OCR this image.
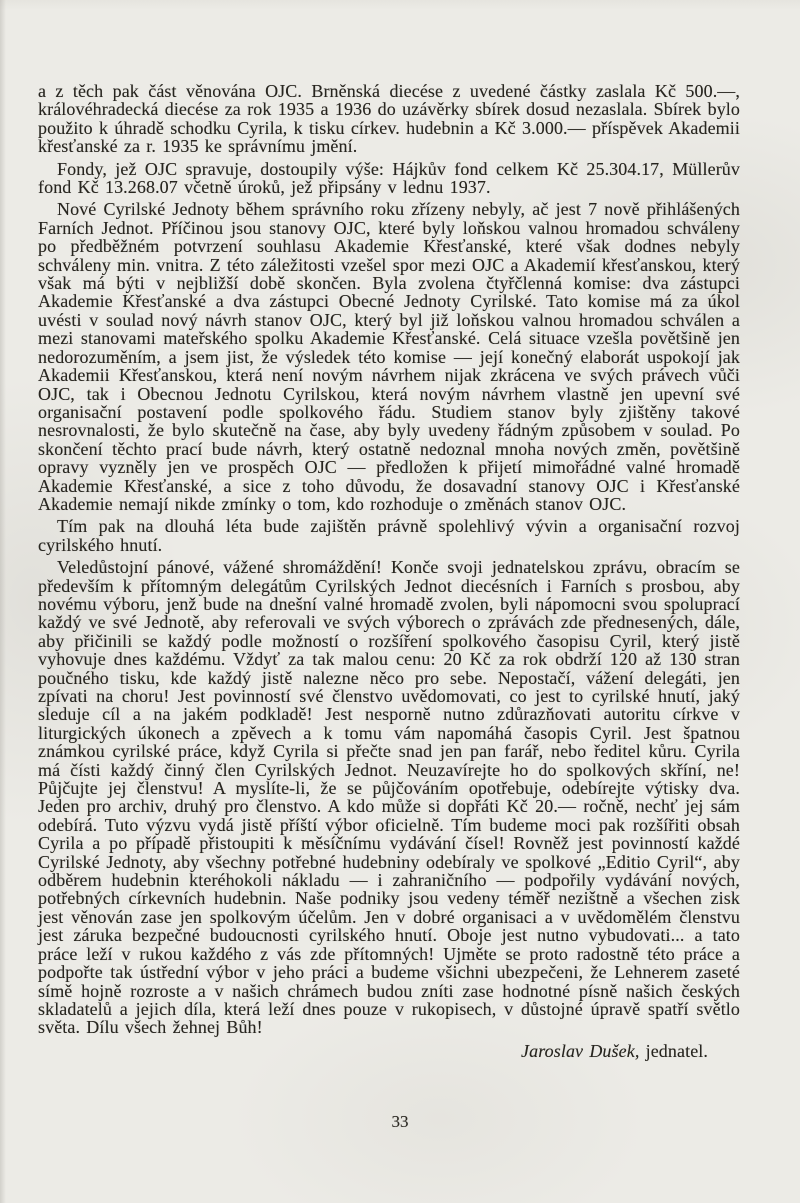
a z těch pak část věnována OJC. Brněnská diecése z uvedené částky zaslala Kč 500.—, královéhradecká diecése za rok 1935 a 1936 do uzávěrky sbírek dosud nezaslala. Sbírek bylo použito k úhradě schodku Cyrila, k tisku církev. hudebnin a Kč 3.000.— příspěvek Akademii křesťanské za r. 1935 ke správnímu jmění.

Fondy, jež OJC spravuje, dostoupily výše: Hájkův fond celkem Kč 25.304.17, Müllerův fond Kč 13.268.07 včetně úroků, jež připsány v lednu 1937.

Nové Cyrilské Jednoty během správního roku zřízeny nebyly, ač jest 7 nově přihlášených Farních Jednot. Příčinou jsou stanovy OJC, které byly loňskou valnou hromadou schváleny po předběžném potvrzení souhlasu Akademie Křesťanské, které však dodnes nebyly schváleny min. vnitra. Z této záležitosti vzešel spor mezi OJC a Akademií křesťanskou, který však má býti v nejbližší době skončen. Byla zvolena čtyřčlenná komise: dva zástupci Akademie Křesťanské a dva zástupci Obecné Jednoty Cyrilské. Tato komise má za úkol uvésti v soulad nový návrh stanov OJC, který byl již loňskou valnou hromadou schválen a mezi stanovami mateřského spolku Akademie Křesťanské. Celá situace vzešla povětšině jen nedorozuměním, a jsem jist, že výsledek této komise — její konečný elaborát uspokojí jak Akademii Křesťanskou, která není novým návrhem nijak zkrácena ve svých právech vůči OJC, tak i Obecnou Jednotu Cyrilskou, která novým návrhem vlastně jen upevní své organisační postavení podle spolkového řádu. Studiem stanov byly zjištěny takové nesrovnalosti, že bylo skutečně na čase, aby byly uvedeny řádným způsobem v soulad. Po skončení těchto prací bude návrh, který ostatně nedoznal mnoha nových změn, povětšině opravy vyzněly jen ve prospěch OJC — předložen k přijetí mimořádné valné hromadě Akademie Křesťanské, a sice z toho důvodu, že dosavadní stanovy OJC i Křesťanské Akademie nemají nikde zmínky o tom, kdo rozhoduje o změnách stanov OJC.

Tím pak na dlouhá léta bude zajištěn právně spolehlivý vývin a organisační rozvoj cyrilského hnutí.

Veledůstojní pánové, vážené shromáždění! Konče svoji jednatelskou zprávu, obracím se především k přítomným delegátům Cyrilských Jednot diecésních i Farních s prosbou, aby novému výboru, jenž bude na dnešní valné hromadě zvolen, byli nápomocni svou spoluprací každý ve své Jednotě, aby referovali ve svých výborech o zprávách zde přednesených, dále, aby přičinili se každý podle možností o rozšíření spolkového časopisu Cyril, který jistě vyhovuje dnes každému. Vždyť za tak malou cenu: 20 Kč za rok obdrží 120 až 130 stran poučného tisku, kde každý jistě nalezne něco pro sebe. Nepostačí, vážení delegáti, jen zpívati na choru! Jest povinností své členstvo uvědomovati, co jest to cyrilské hnutí, jaký sleduje cíl a na jakém podkladě! Jest nesporně nutno zdůrazňovati autoritu církve v liturgických úkonech a zpěvech a k tomu vám napomáhá časopis Cyril. Jest špatnou známkou cyrilské práce, když Cyrila si přečte snad jen pan farář, nebo ředitel kůru. Cyrila má čísti každý činný člen Cyrilských Jednot. Neuzavírejte ho do spolkových skříní, ne! Půjčujte jej členstvu! A myslíte-li, že se půjčováním opotřebuje, odebírejte výtisky dva. Jeden pro archiv, druhý pro členstvo. A kdo může si dopřáti Kč 20.— ročně, nechť jej sám odebírá. Tuto výzvu vydá jistě příští výbor oficielně. Tím budeme moci pak rozšířiti obsah Cyrila a po případě přistoupiti k měsíčnímu vydávání čísel! Rovněž jest povinností každé Cyrilské Jednoty, aby všechny potřebné hudebniny odebíraly ve spolkové „Editio Cyril“, aby odběrem hudebnin kteréhokoli nákladu — i zahraničního — podpořily vydávání nových, potřebných církevních hudebnin. Naše podniky jsou vedeny téměř nezištně a všechen zisk jest věnován zase jen spolkovým účelům. Jen v dobré organisaci a v uvědomělém členstvu jest záruka bezpečné budoucnosti cyrilského hnutí. Oboje jest nutno vybudovati... a tato práce leží v rukou každého z vás zde přítomných! Ujměte se proto radostně této práce a podpořte tak ústřední výbor v jeho práci a budeme všichni ubezpečeni, že Lehnerem zaseté símě hojně rozroste a v našich chrámech budou zníti zase hodnotné písně našich českých skladatelů a jejich díla, která leží dnes pouze v rukopisech, v důstojné úpravě spatří světlo světa. Dílu všech žehnej Bůh!

Jaroslav Dušek, jednatel.
33
